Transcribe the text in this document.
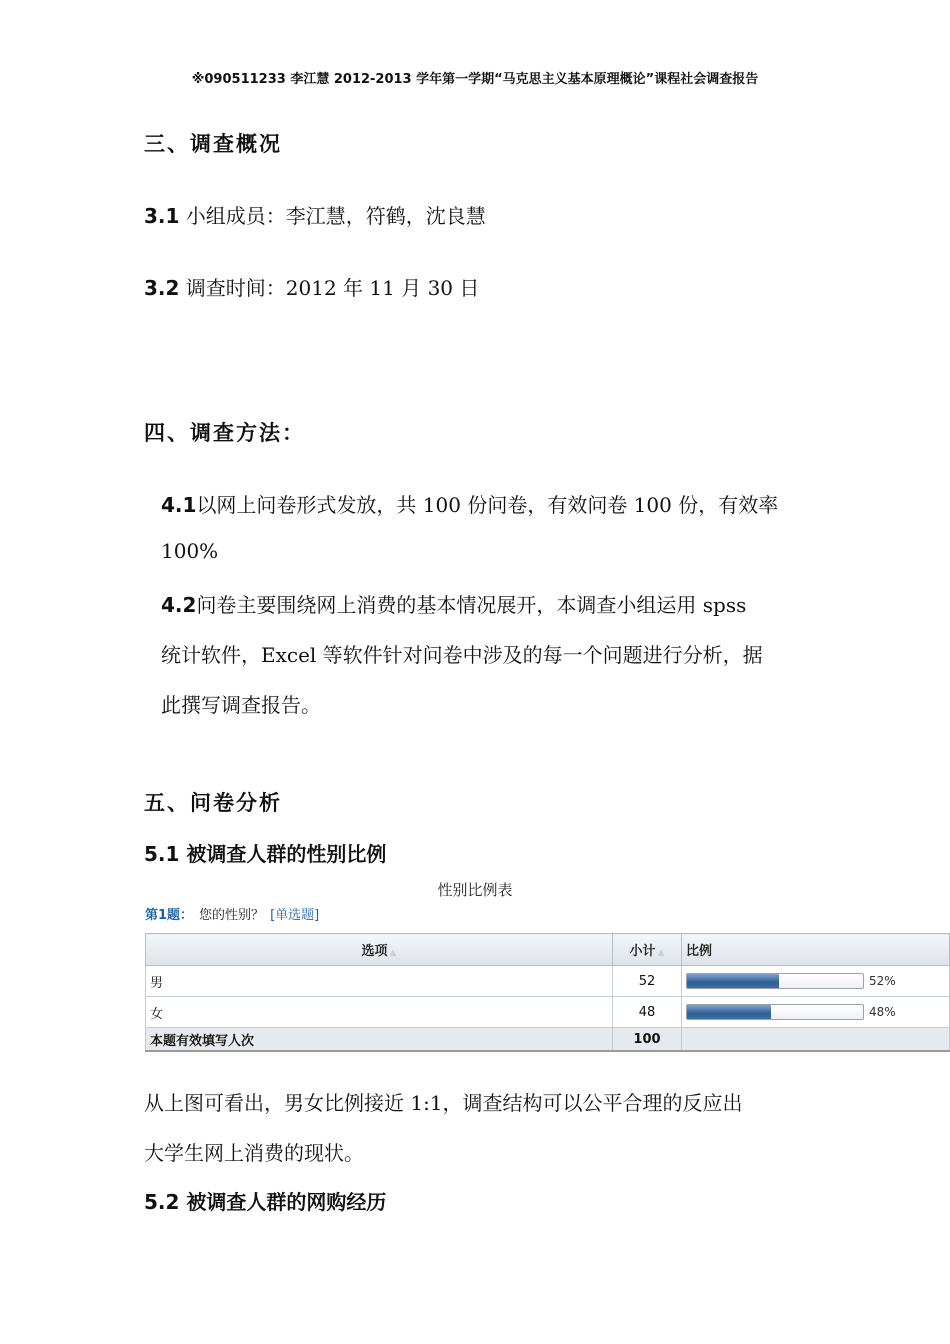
※090511233 李江慧 2012-2013 学年第一学期“马克思主义基本原理概论”课程社会调查报告
三、调查概况
3.1 小组成员：李江慧，符鹤，沈良慧
3.2 调查时间：2012 年 11 月 30 日
四、调查方法：
4.1以网上问卷形式发放，共 100 份问卷，有效问卷 100 份，有效率
100%
4.2问卷主要围绕网上消费的基本情况展开，本调查小组运用 spss
统计软件，Excel 等软件针对问卷中涉及的每一个问题进行分析，据
此撰写调查报告。
五、问卷分析
5.1 被调查人群的性别比例
性别比例表
第1题： 您的性别？ [单选题]
选项 ▲	小计 ▲	比例
男	52	52%
女	48	48%
本题有效填写人次	100	
从上图可看出，男女比例接近 1:1，调查结构可以公平合理的反应出
大学生网上消费的现状。
5.2 被调查人群的网购经历
